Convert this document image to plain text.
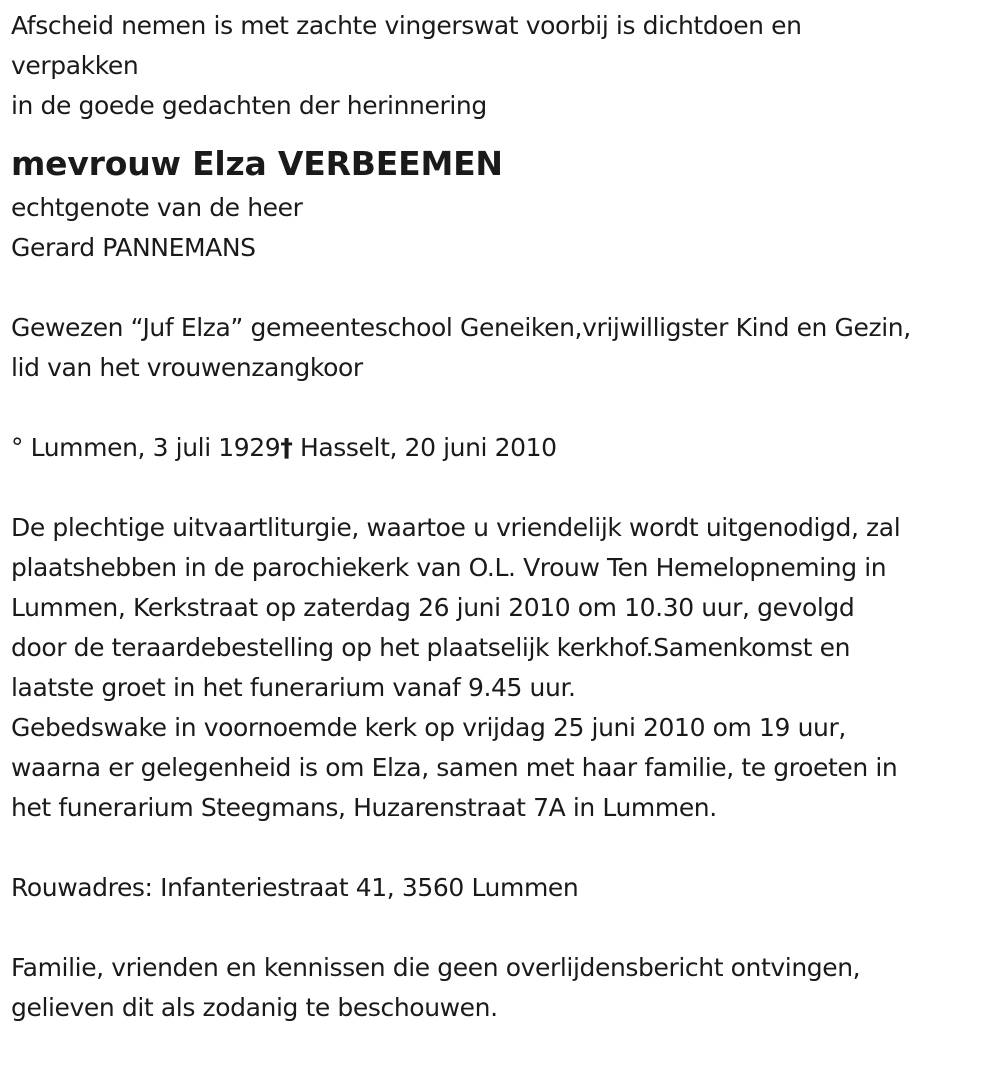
Afscheid nemen is met zachte vingerswat voorbij is dichtdoen en
verpakken
in de goede gedachten der herinnering
mevrouw Elza VERBEEMEN
echtgenote van de heer
Gerard PANNEMANS
Gewezen “Juf Elza” gemeenteschool Geneiken,vrijwilligster Kind en Gezin,
lid van het vrouwenzangkoor
° Lummen, 3 juli 1929† Hasselt, 20 juni 2010
De plechtige uitvaartliturgie, waartoe u vriendelijk wordt uitgenodigd, zal
plaatshebben in de parochiekerk van O.L. Vrouw Ten Hemelopneming in
Lummen, Kerkstraat op zaterdag 26 juni 2010 om 10.30 uur, gevolgd
door de teraardebestelling op het plaatselijk kerkhof.Samenkomst en
laatste groet in het funerarium vanaf 9.45 uur.
Gebedswake in voornoemde kerk op vrijdag 25 juni 2010 om 19 uur,
waarna er gelegenheid is om Elza, samen met haar familie, te groeten in
het funerarium Steegmans, Huzarenstraat 7A in Lummen.
Rouwadres: Infanteriestraat 41, 3560 Lummen
Familie, vrienden en kennissen die geen overlijdensbericht ontvingen,
gelieven dit als zodanig te beschouwen.
